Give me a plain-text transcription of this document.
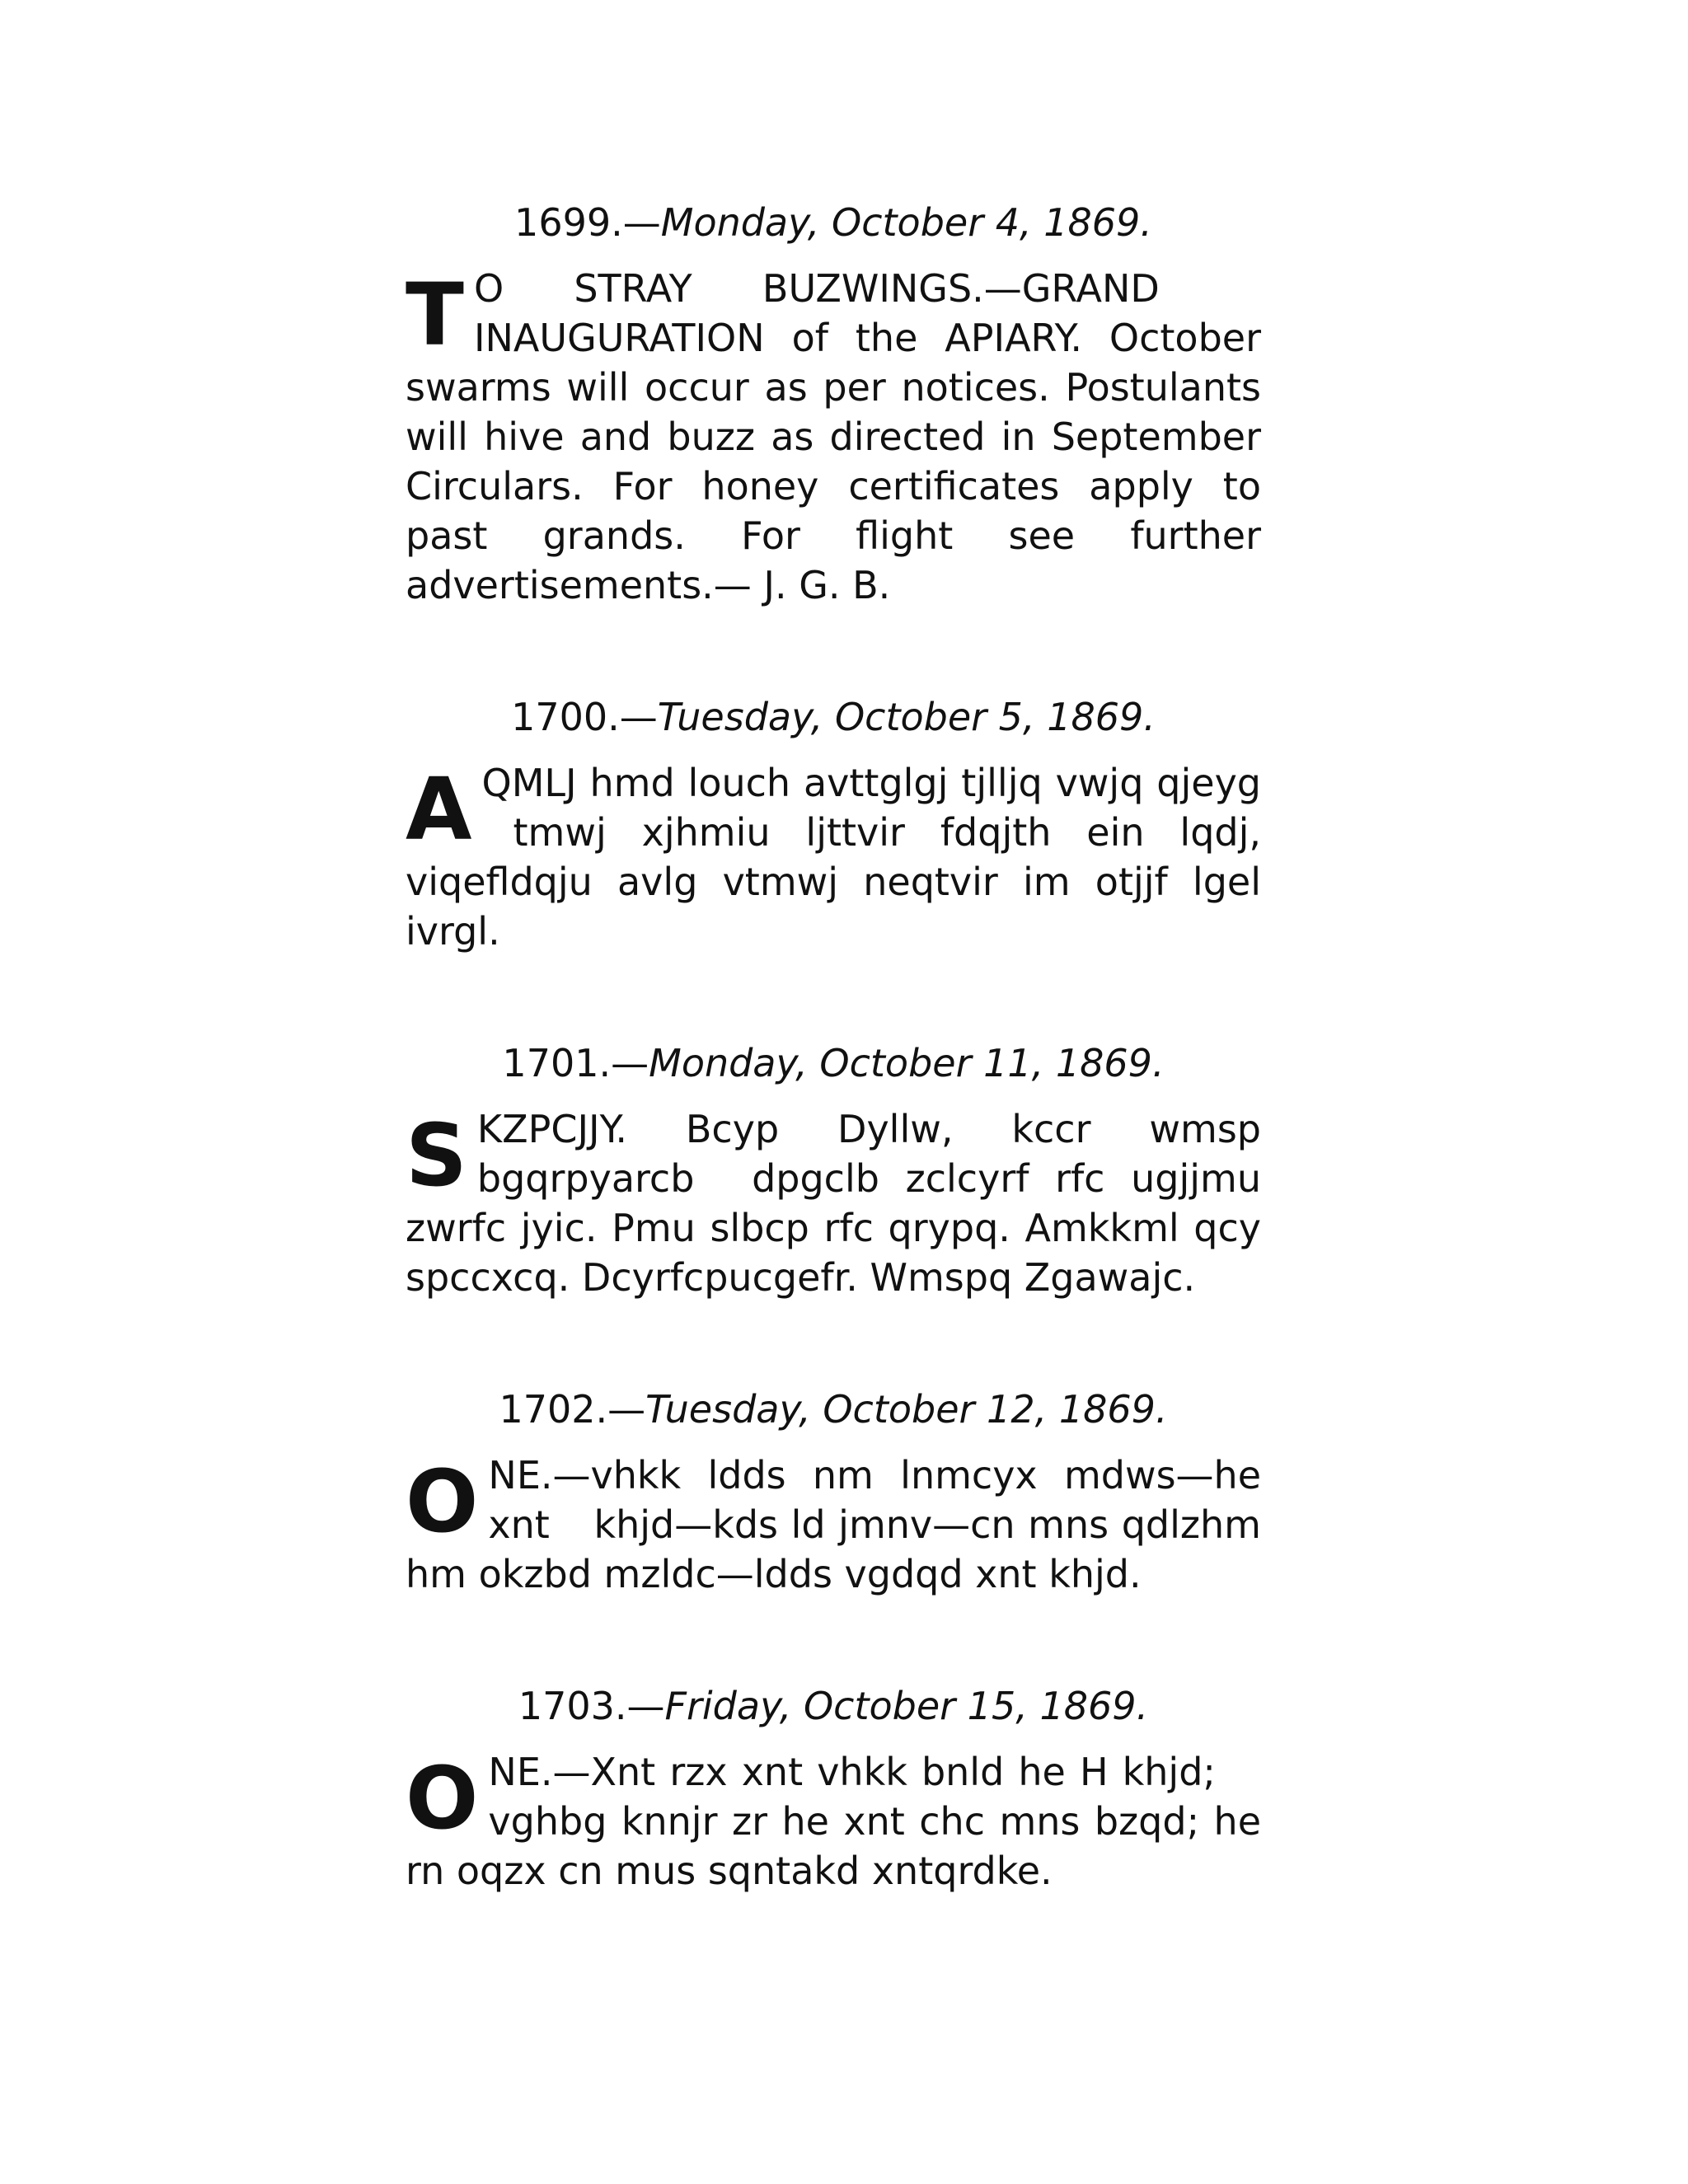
1699.—Monday, October 4, 1869.

T O STRAY BUZWINGS.—GRAND INAUGURATION of the APIARY. October swarms will occur as per notices. Postulants will hive and buzz as directed in September Circulars. For honey certificates apply to past grands. For flight see further advertisements.— J. G. B.

1700.—Tuesday, October 5, 1869.

AQMLJ hmd louch avttglgj tjlljq vwjq qjeyg tmwj xjhmiu ljttvir fdqjth ein lqdj, viqefldqju avlg vtmwj neqtvir im otjjf lgel ivrgl.

1701.—Monday, October 11, 1869.

SKZPCJJY. Bcyp Dyllw, kccr wmsp bgqrpyarcb dpgclb zclcyrf rfc ugjjmu zwrfc jyic. Pmu slbcp rfc qrypq. Amkkml qcy spccxcq. Dcyrfcpucgefr. Wmspq Zgawajc.

1702.—Tuesday, October 12, 1869.

ONE.—vhkk ldds nm lnmcyx mdws—he xnt khjd—kds ld jmnv—cn mns qdlzhm hm okzbd mzldc—ldds vgdqd xnt khjd.

1703.—Friday, October 15, 1869.

ONE.—Xnt rzx xnt vhkk bnld he H khjd; vghbg knnjr zr he xnt chc mns bzqd; he rn oqzx cn mus sqntakd xntqrdke.
